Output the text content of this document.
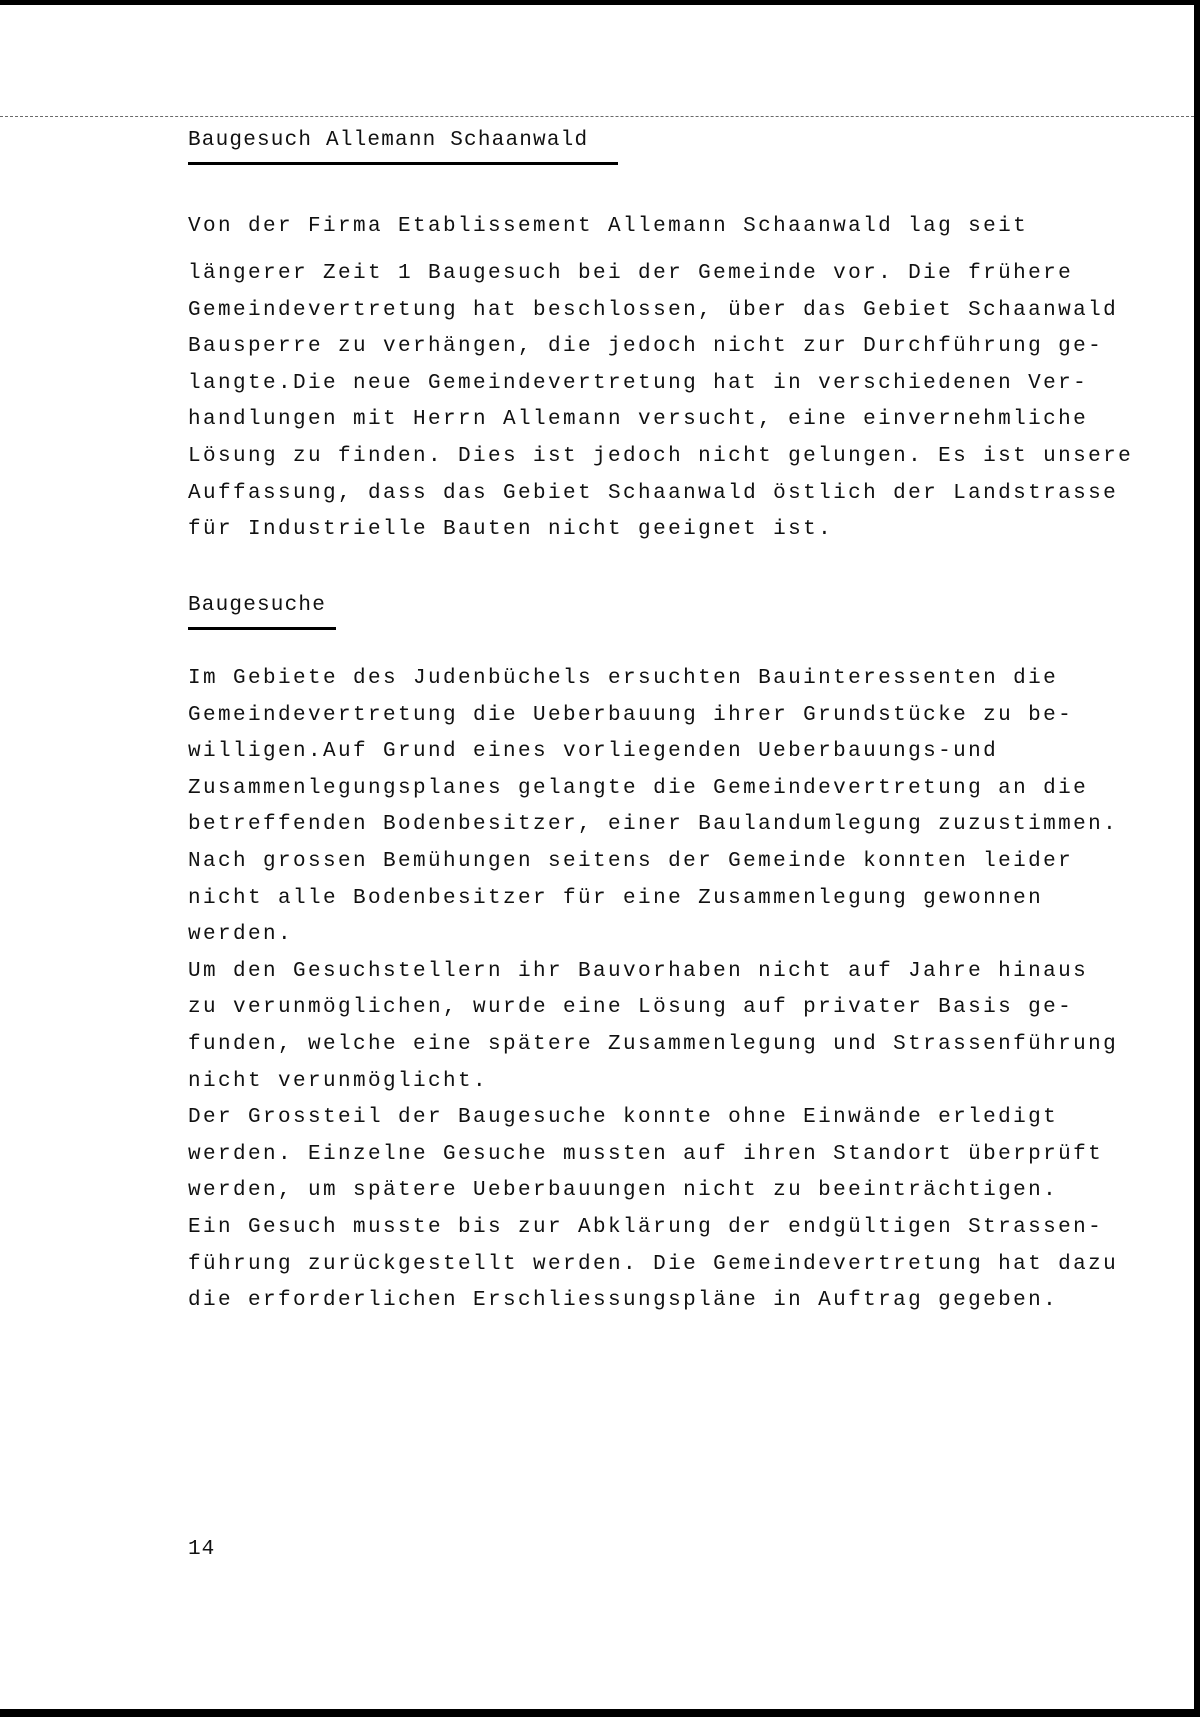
Baugesuch Allemann Schaanwald
Von der Firma Etablissement Allemann Schaanwald lag seit
längerer Zeit 1 Baugesuch bei der Gemeinde vor. Die frühere
Gemeindevertretung hat beschlossen, über das Gebiet Schaanwald
Bausperre zu verhängen, die jedoch nicht zur Durchführung ge-
langte.Die neue Gemeindevertretung hat in verschiedenen Ver-
handlungen mit Herrn Allemann versucht, eine einvernehmliche
Lösung zu finden. Dies ist jedoch nicht gelungen. Es ist unsere
Auffassung, dass das Gebiet Schaanwald östlich der Landstrasse
für Industrielle Bauten nicht geeignet ist.
Baugesuche
Im Gebiete des Judenbüchels ersuchten Bauinteressenten die
Gemeindevertretung die Ueberbauung ihrer Grundstücke zu be-
willigen.Auf Grund eines vorliegenden Ueberbauungs-und
Zusammenlegungsplanes gelangte die Gemeindevertretung an die
betreffenden Bodenbesitzer, einer Baulandumlegung zuzustimmen.
Nach grossen Bemühungen seitens der Gemeinde konnten leider
nicht alle Bodenbesitzer für eine Zusammenlegung gewonnen
werden.
Um den Gesuchstellern ihr Bauvorhaben nicht auf Jahre hinaus
zu verunmöglichen, wurde eine Lösung auf privater Basis ge-
funden, welche eine spätere Zusammenlegung und Strassenführung
nicht verunmöglicht.
Der Grossteil der Baugesuche konnte ohne Einwände erledigt
werden. Einzelne Gesuche mussten auf ihren Standort überprüft
werden, um spätere Ueberbauungen nicht zu beeinträchtigen.
Ein Gesuch musste bis zur Abklärung der endgültigen Strassen-
führung zurückgestellt werden. Die Gemeindevertretung hat dazu
die erforderlichen Erschliessungspläne in Auftrag gegeben.
14
